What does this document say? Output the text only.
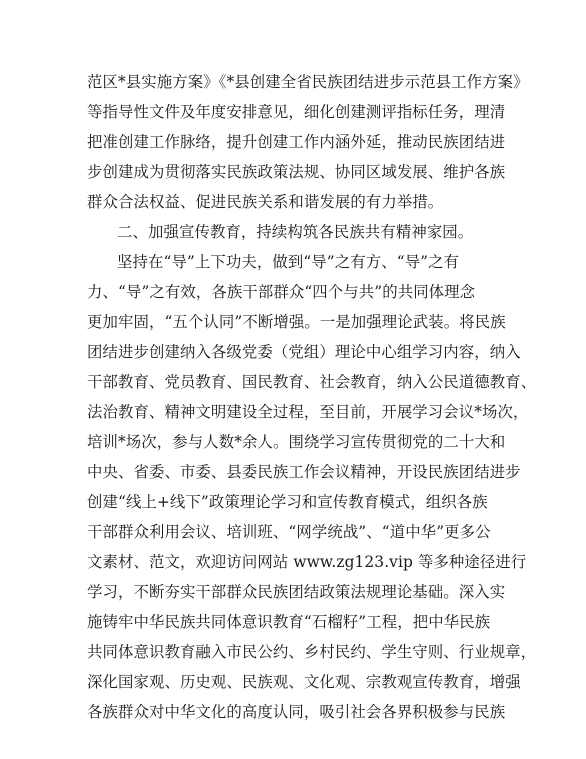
范区*县实施方案》《*县创建全省民族团结进步示范县工作方案》
等指导性文件及年度安排意见，细化创建测评指标任务，理清
把准创建工作脉络，提升创建工作内涵外延，推动民族团结进
步创建成为贯彻落实民族政策法规、协同区域发展、维护各族
群众合法权益、促进民族关系和谐发展的有力举措。
二、加强宣传教育，持续构筑各民族共有精神家园。
坚持在“导”上下功夫，做到“导”之有方、“导”之有
力、“导”之有效，各族干部群众“四个与共”的共同体理念
更加牢固，“五个认同”不断增强。一是加强理论武装。将民族
团结进步创建纳入各级党委（党组）理论中心组学习内容，纳入
干部教育、党员教育、国民教育、社会教育，纳入公民道德教育、
法治教育、精神文明建设全过程，至目前，开展学习会议*场次，
培训*场次，参与人数*余人。围绕学习宣传贯彻党的二十大和
中央、省委、市委、县委民族工作会议精神，开设民族团结进步
创建“线上+线下”政策理论学习和宣传教育模式，组织各族
干部群众利用会议、培训班、“网学统战”、“道中华”更多公
文素材、范文，欢迎访问网站 www.zg123.vip 等多种途径进行
学习，不断夯实干部群众民族团结政策法规理论基础。深入实
施铸牢中华民族共同体意识教育“石榴籽”工程，把中华民族
共同体意识教育融入市民公约、乡村民约、学生守则、行业规章，
深化国家观、历史观、民族观、文化观、宗教观宣传教育，增强
各族群众对中华文化的高度认同，吸引社会各界积极参与民族
